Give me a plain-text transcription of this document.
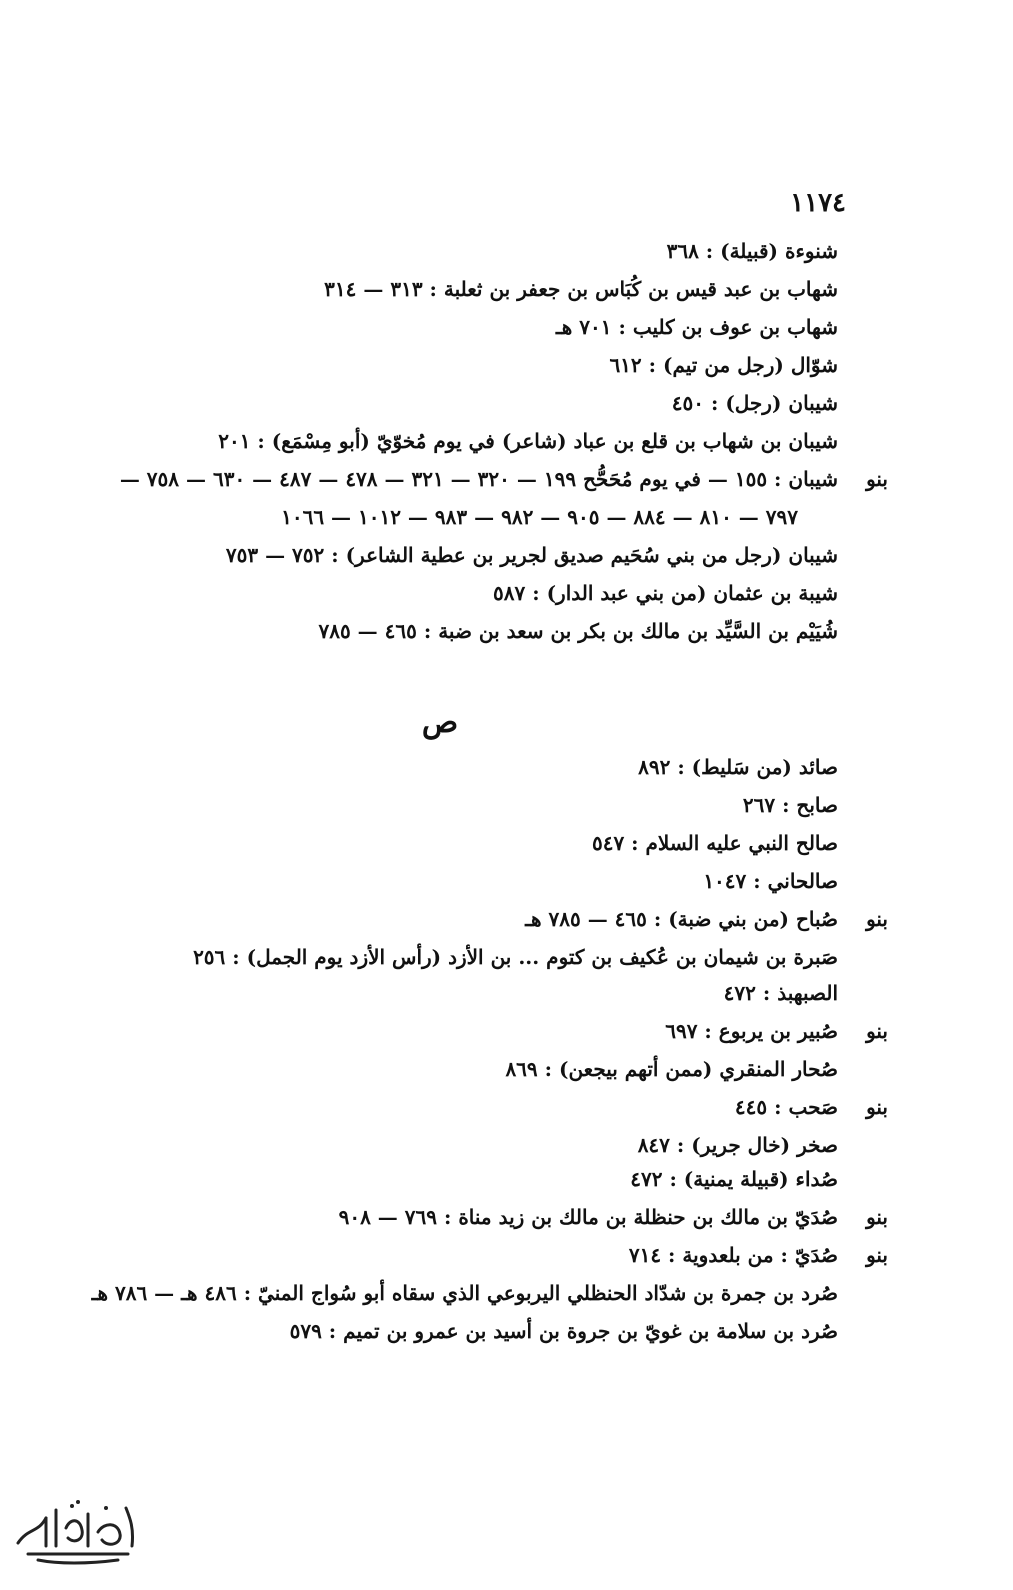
١١٧٤
شنوءة (قبيلة) : ٣٦٨
شهاب بن عبد قيس بن كُبَاس بن جعفر بن ثعلبة : ٣١٣ — ٣١٤
شهاب بن عوف بن كليب : ٧٠١ هـ
شوّال (رجل من تيم) : ٦١٢
شيبان (رجل) : ٤٥٠
شيبان بن شهاب بن قلع بن عباد (شاعر) في يوم مُخوّيّ (أبو مِسْمَع) : ٢٠١
بنو
شيبان : ١٥٥ — في يوم مُحَحُّح ١٩٩ — ٣٢٠ — ٣٢١ — ٤٧٨ — ٤٨٧ — ٦٣٠ — ٧٥٨ —
٧٩٧ — ٨١٠ — ٨٨٤ — ٩٠٥ — ٩٨٢ — ٩٨٣ — ١٠١٢ — ١٠٦٦
شيبان (رجل من بني سُحَيم صديق لجرير بن عطية الشاعر) : ٧٥٢ — ٧٥٣
شيبة بن عثمان (من بني عبد الدار) : ٥٨٧
شُيَيْم بن السَّيِّد بن مالك بن بكر بن سعد بن ضبة : ٤٦٥ — ٧٨٥
ص
صائد (من سَليط) : ٨٩٢
صابح : ٢٦٧
صالح النبي عليه السلام : ٥٤٧
صالحاني : ١٠٤٧
بنو
صُباح (من بني ضبة) : ٤٦٥ — ٧٨٥ هـ
صَبرة بن شيمان بن عُكيف بن كتوم ... بن الأزد (رأس الأزد يوم الجمل) : ٢٥٦
الصبهبذ : ٤٧٢
بنو
صُبير بن يربوع : ٦٩٧
صُحار المنقري (ممن أتهم بيجعن) : ٨٦٩
بنو
صَحب : ٤٤٥
صخر (خال جرير) : ٨٤٧
صُداء (قبيلة يمنية) : ٤٧٢
بنو
صُدَيّ بن مالك بن حنظلة بن مالك بن زيد مناة : ٧٦٩ — ٩٠٨
بنو
صُدَيّ : من بلعدوية : ٧١٤
صُرد بن جمرة بن شدّاد الحنظلي اليربوعي الذي سقاه أبو سُواج المنيّ : ٤٨٦ هـ — ٧٨٦ هـ
صُرد بن سلامة بن غويّ بن جروة بن أسيد بن عمرو بن تميم : ٥٧٩
